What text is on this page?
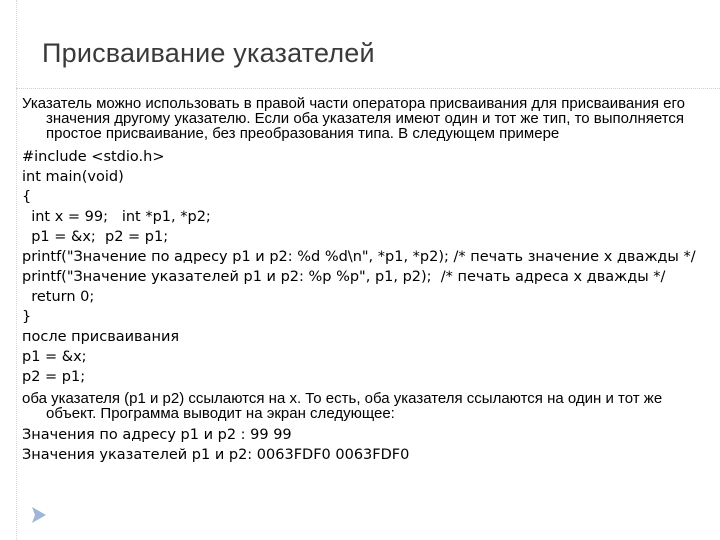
Присваивание указателей

Указатель можно использовать в правой части оператора присваивания для присваивания его значения другому указателю. Если оба указателя имеют один и тот же тип, то выполняется простое присваивание, без преобразования типа. В следующем примере

#include <stdio.h>

int main(void)

{

int x = 99;   int *p1, *p2;

p1 = &x;  p2 = p1;

printf("Значение по адресу p1 и p2: %d %d\n", *p1, *p2); /* печать значение x дважды */

printf("Значение указателей p1 и p2: %p %p", p1, p2);  /* печать адреса x дважды */

return 0;

}

после присваивания

p1 = &x;

p2 = p1;

оба указателя (p1 и p2) ссылаются на x. То есть, оба указателя ссылаются на один и тот же объект. Программа выводит на экран следующее:

Значения по адресу p1 и p2 : 99 99

Значения указателей p1 и p2: 0063FDF0 0063FDF0
